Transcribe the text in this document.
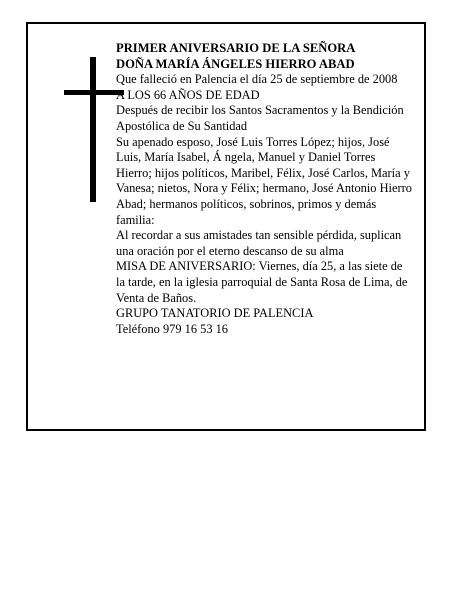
PRIMER ANIVERSARIO DE LA SEÑORA

DOÑA MARÍA ÁNGELES HIERRO ABAD

Que falleció en Palencia el día 25 de septiembre de 2008

A LOS 66 AÑOS DE EDAD

Después de recibir los Santos Sacramentos y la Bendición Apostólica de Su Santidad

Su apenado esposo, José Luis Torres López; hijos, José Luis, María Isabel, Á ngela, Manuel y Daniel Torres Hierro; hijos políticos, Maribel, Félix, José Carlos, María y Vanesa; nietos, Nora y Félix; hermano, José Antonio Hierro Abad; hermanos políticos, sobrinos, primos y demás familia:

Al recordar a sus amistades tan sensible pérdida, suplican una oración por el eterno descanso de su alma

MISA DE ANIVERSARIO: Viernes, día 25, a las siete de la tarde, en la iglesia parroquial de Santa Rosa de Lima, de Venta de Baños.

GRUPO TANATORIO DE PALENCIA

Teléfono 979 16 53 16
